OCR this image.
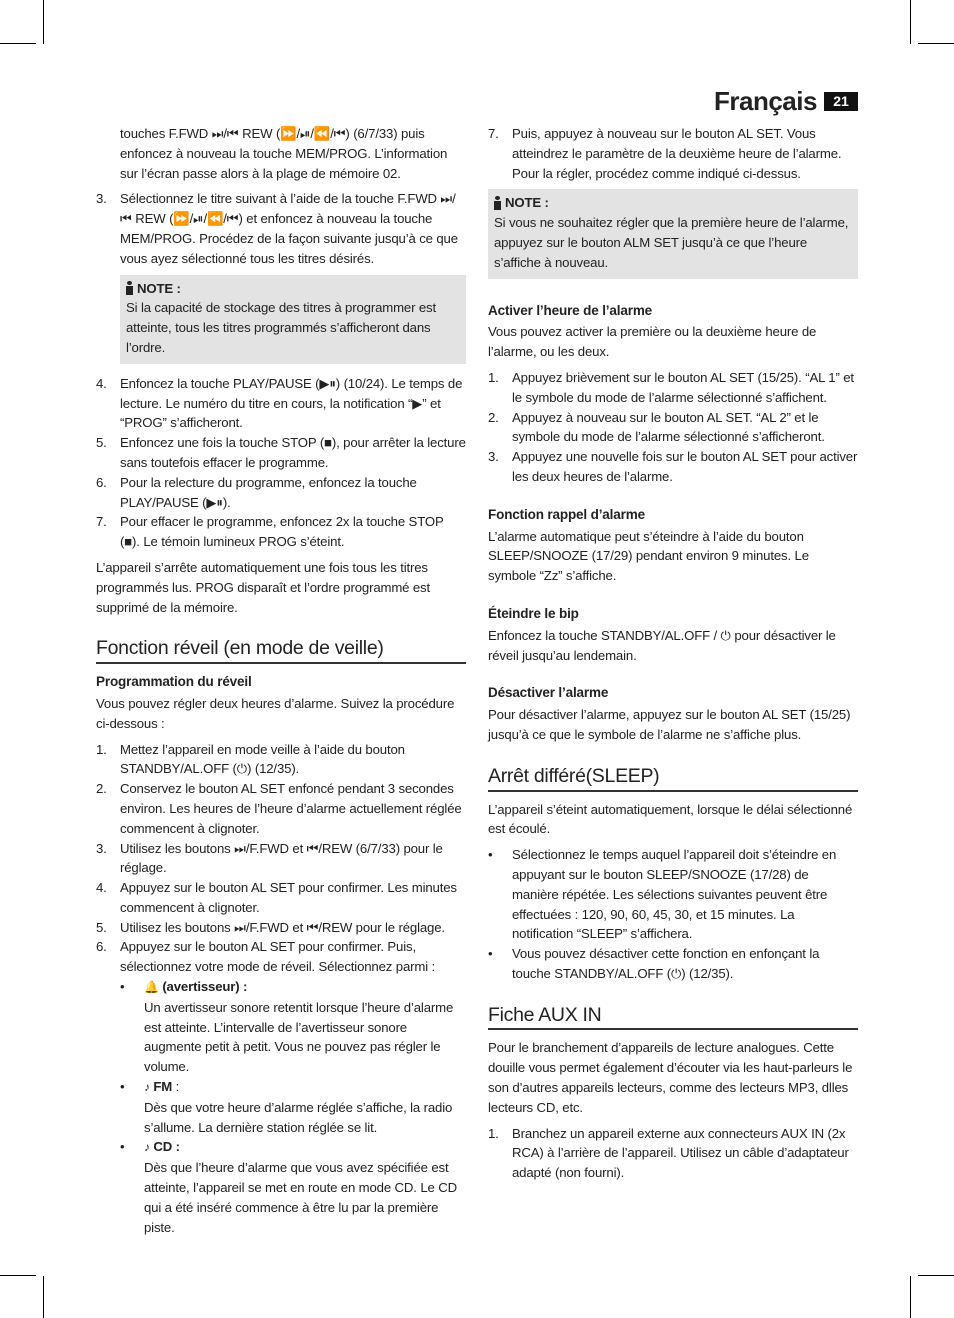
Français	21

touches F.FWD ⏭/⏮ REW (⏩/⏯/⏪/⏮) (6/7/33) puis enfoncez à nouveau la touche MEM/PROG. L’information sur l’écran passe alors à la plage de mémoire 02.

3. Sélectionnez le titre suivant à l’aide de la touche F.FWD ⏭/⏮ REW (⏩/⏯/⏪/⏮) et enfoncez à nouveau la touche MEM/PROG. Procédez de la façon suivante jusqu’à ce que vous ayez sélectionné tous les titres désirés.
NOTE :
Si la capacité de stockage des titres à programmer est atteinte, tous les titres programmés s’afficheront dans l’ordre.
4. Enfoncez la touche PLAY/PAUSE (▶⏸) (10/24). Le temps de lecture. Le numéro du titre en cours, la notification “▶” et “PROG” s’afficheront.
5. Enfoncez une fois la touche STOP (■), pour arrêter la lecture sans toutefois effacer le programme.
6. Pour la relecture du programme, enfoncez la touche PLAY/PAUSE (▶⏸).
7. Pour effacer le programme, enfoncez 2x la touche STOP (■). Le témoin lumineux PROG s’éteint.

L’appareil s’arrête automatiquement une fois tous les titres programmés lus. PROG disparaît et l’ordre programmé est supprimé de la mémoire.

Fonction réveil (en mode de veille)
Programmation du réveil

Vous pouvez régler deux heures d’alarme. Suivez la procédure ci-dessous :

1. Mettez l’appareil en mode veille à l’aide du bouton STANDBY/AL.OFF (⏻) (12/35).
2. Conservez le bouton AL SET enfoncé pendant 3 secondes environ. Les heures de l’heure d’alarme actuellement réglée commencent à clignoter.
3. Utilisez les boutons ⏭/F.FWD et ⏮/REW (6/7/33) pour le réglage.
4. Appuyez sur le bouton AL SET pour confirmer. Les minutes commencent à clignoter.
5. Utilisez les boutons ⏭/F.FWD et ⏮/REW pour le réglage.
6. Appuyez sur le bouton AL SET pour confirmer. Puis, sélectionnez votre mode de réveil. Sélectionnez parmi :
• 🔔 (avertisseur) :
Un avertisseur sonore retentit lorsque l’heure d’alarme est atteinte. L’intervalle de l’avertisseur sonore augmente petit à petit. Vous ne pouvez pas régler le volume.
• ♪ FM :
Dès que votre heure d’alarme réglée s’affiche, la radio s’allume. La dernière station réglée se lit.
• ♪ CD :
Dès que l’heure d’alarme que vous avez spécifiée est atteinte, l’appareil se met en route en mode CD. Le CD qui a été inséré commence à être lu par la première piste.
7. Puis, appuyez à nouveau sur le bouton AL SET. Vous atteindrez le paramètre de la deuxième heure de l’alarme. Pour la régler, procédez comme indiqué ci-dessus.
NOTE :
Si vous ne souhaitez régler que la première heure de l’alarme, appuyez sur le bouton ALM SET jusqu’à ce que l’heure s’affiche à nouveau.
Activer l’heure de l’alarme

Vous pouvez activer la première ou la deuxième heure de l’alarme, ou les deux.

1. Appuyez brièvement sur le bouton AL SET (15/25). “AL 1” et le symbole du mode de l’alarme sélectionné s’affichent.
2. Appuyez à nouveau sur le bouton AL SET. “AL 2” et le symbole du mode de l’alarme sélectionné s’afficheront.
3. Appuyez une nouvelle fois sur le bouton AL SET pour activer les deux heures de l’alarme.
Fonction rappel d’alarme

L’alarme automatique peut s’éteindre à l’aide du bouton SLEEP/SNOOZE (17/29) pendant environ 9 minutes. Le symbole “Zz” s’affiche.

Éteindre le bip

Enfoncez la touche STANDBY/AL.OFF / ⏻ pour désactiver le réveil jusqu’au lendemain.

Désactiver l’alarme

Pour désactiver l’alarme, appuyez sur le bouton AL SET (15/25) jusqu’à ce que le symbole de l’alarme ne s’affiche plus.

Arrêt différé(SLEEP)

L’appareil s’éteint automatiquement, lorsque le délai sélectionné est écoulé.

• Sélectionnez le temps auquel l’appareil doit s’éteindre en appuyant sur le bouton SLEEP/SNOOZE (17/28) de manière répétée. Les sélections suivantes peuvent être effectuées : 120, 90, 60, 45, 30, et 15 minutes. La notification “SLEEP” s’affichera.
• Vous pouvez désactiver cette fonction en enfonçant la touche STANDBY/AL.OFF (⏻) (12/35).
Fiche AUX IN

Pour le branchement d’appareils de lecture analogues. Cette douille vous permet également d’écouter via les haut-parleurs le son d’autres appareils lecteurs, comme des lecteurs MP3, dlles lecteurs CD, etc.

1. Branchez un appareil externe aux connecteurs AUX IN (2x RCA) à l’arrière de l’appareil. Utilisez un câble d’adaptateur adapté (non fourni).
